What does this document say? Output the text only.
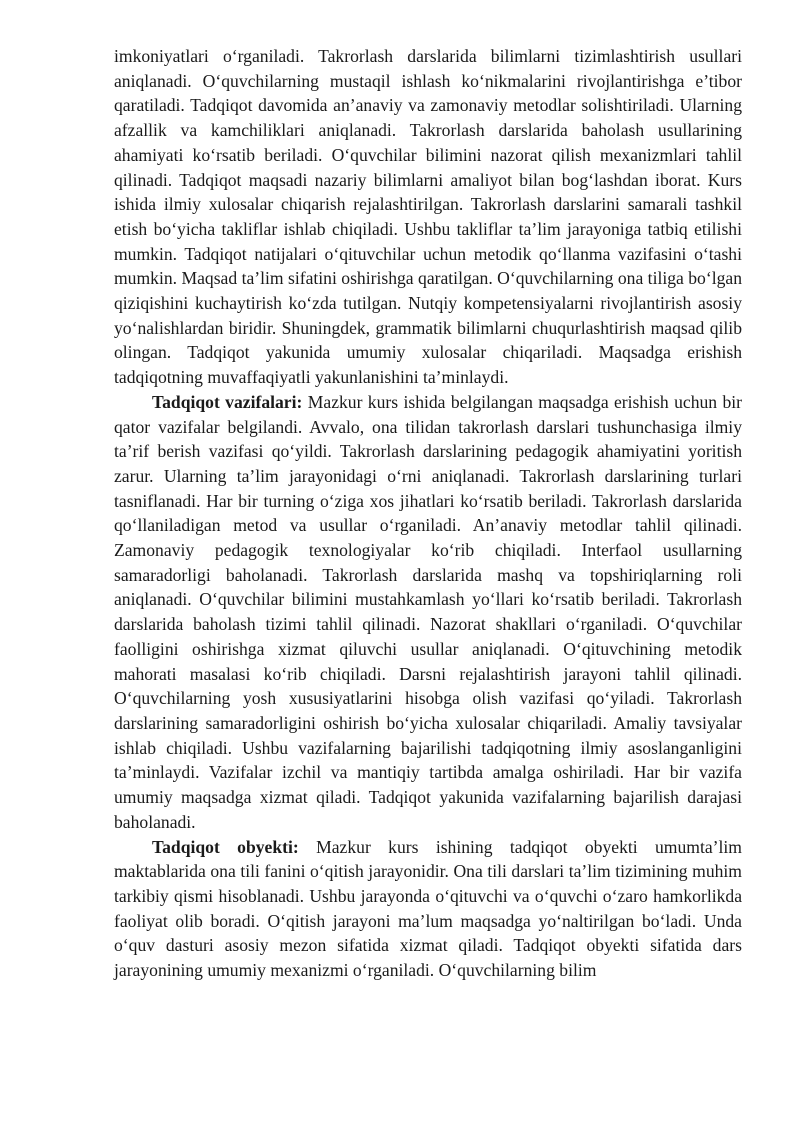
imkoniyatlari o‘rganiladi. Takrorlash darslarida bilimlarni tizimlashtirish usullari aniqlanadi. O‘quvchilarning mustaqil ishlash ko‘nikmalarini rivojlantirishga e’tibor qaratiladi. Tadqiqot davomida an’anaviy va zamonaviy metodlar solishtiriladi. Ularning afzallik va kamchiliklari aniqlanadi. Takrorlash darslarida baholash usullarining ahamiyati ko‘rsatib beriladi. O‘quvchilar bilimini nazorat qilish mexanizmlari tahlil qilinadi. Tadqiqot maqsadi nazariy bilimlarni amaliyot bilan bog‘lashdan iborat. Kurs ishida ilmiy xulosalar chiqarish rejalashtirilgan. Takrorlash darslarini samarali tashkil etish bo‘yicha takliflar ishlab chiqiladi. Ushbu takliflar ta’lim jarayoniga tatbiq etilishi mumkin. Tadqiqot natijalari o‘qituvchilar uchun metodik qo‘llanma vazifasini o‘tashi mumkin. Maqsad ta’lim sifatini oshirishga qaratilgan. O‘quvchilarning ona tiliga bo‘lgan qiziqishini kuchaytirish ko‘zda tutilgan. Nutqiy kompetensiyalarni rivojlantirish asosiy yo‘nalishlardan biridir. Shuningdek, grammatik bilimlarni chuqurlashtirish maqsad qilib olingan. Tadqiqot yakunida umumiy xulosalar chiqariladi. Maqsadga erishish tadqiqotning muvaffaqiyatli yakunlanishini ta’minlaydi.

Tadqiqot vazifalari: Mazkur kurs ishida belgilangan maqsadga erishish uchun bir qator vazifalar belgilandi. Avvalo, ona tilidan takrorlash darslari tushunchasiga ilmiy ta’rif berish vazifasi qo‘yildi. Takrorlash darslarining pedagogik ahamiyatini yoritish zarur. Ularning ta’lim jarayonidagi o‘rni aniqlanadi. Takrorlash darslarining turlari tasniflanadi. Har bir turning o‘ziga xos jihatlari ko‘rsatib beriladi. Takrorlash darslarida qo‘llaniladigan metod va usullar o‘rganiladi. An’anaviy metodlar tahlil qilinadi. Zamonaviy pedagogik texnologiyalar ko‘rib chiqiladi. Interfaol usullarning samaradorligi baholanadi. Takrorlash darslarida mashq va topshiriqlarning roli aniqlanadi. O‘quvchilar bilimini mustahkamlash yo‘llari ko‘rsatib beriladi. Takrorlash darslarida baholash tizimi tahlil qilinadi. Nazorat shakllari o‘rganiladi. O‘quvchilar faolligini oshirishga xizmat qiluvchi usullar aniqlanadi. O‘qituvchining metodik mahorati masalasi ko‘rib chiqiladi. Darsni rejalashtirish jarayoni tahlil qilinadi. O‘quvchilarning yosh xususiyatlarini hisobga olish vazifasi qo‘yiladi. Takrorlash darslarining samaradorligini oshirish bo‘yicha xulosalar chiqariladi. Amaliy tavsiyalar ishlab chiqiladi. Ushbu vazifalarning bajarilishi tadqiqotning ilmiy asoslanganligini ta’minlaydi. Vazifalar izchil va mantiqiy tartibda amalga oshiriladi. Har bir vazifa umumiy maqsadga xizmat qiladi. Tadqiqot yakunida vazifalarning bajarilish darajasi baholanadi.

Tadqiqot obyekti: Mazkur kurs ishining tadqiqot obyekti umumta’lim maktablarida ona tili fanini o‘qitish jarayonidir. Ona tili darslari ta’lim tizimining muhim tarkibiy qismi hisoblanadi. Ushbu jarayonda o‘qituvchi va o‘quvchi o‘zaro hamkorlikda faoliyat olib boradi. O‘qitish jarayoni ma’lum maqsadga yo‘naltirilgan bo‘ladi. Unda o‘quv dasturi asosiy mezon sifatida xizmat qiladi. Tadqiqot obyekti sifatida dars jarayonining umumiy mexanizmi o‘rganiladi. O‘quvchilarning bilim
